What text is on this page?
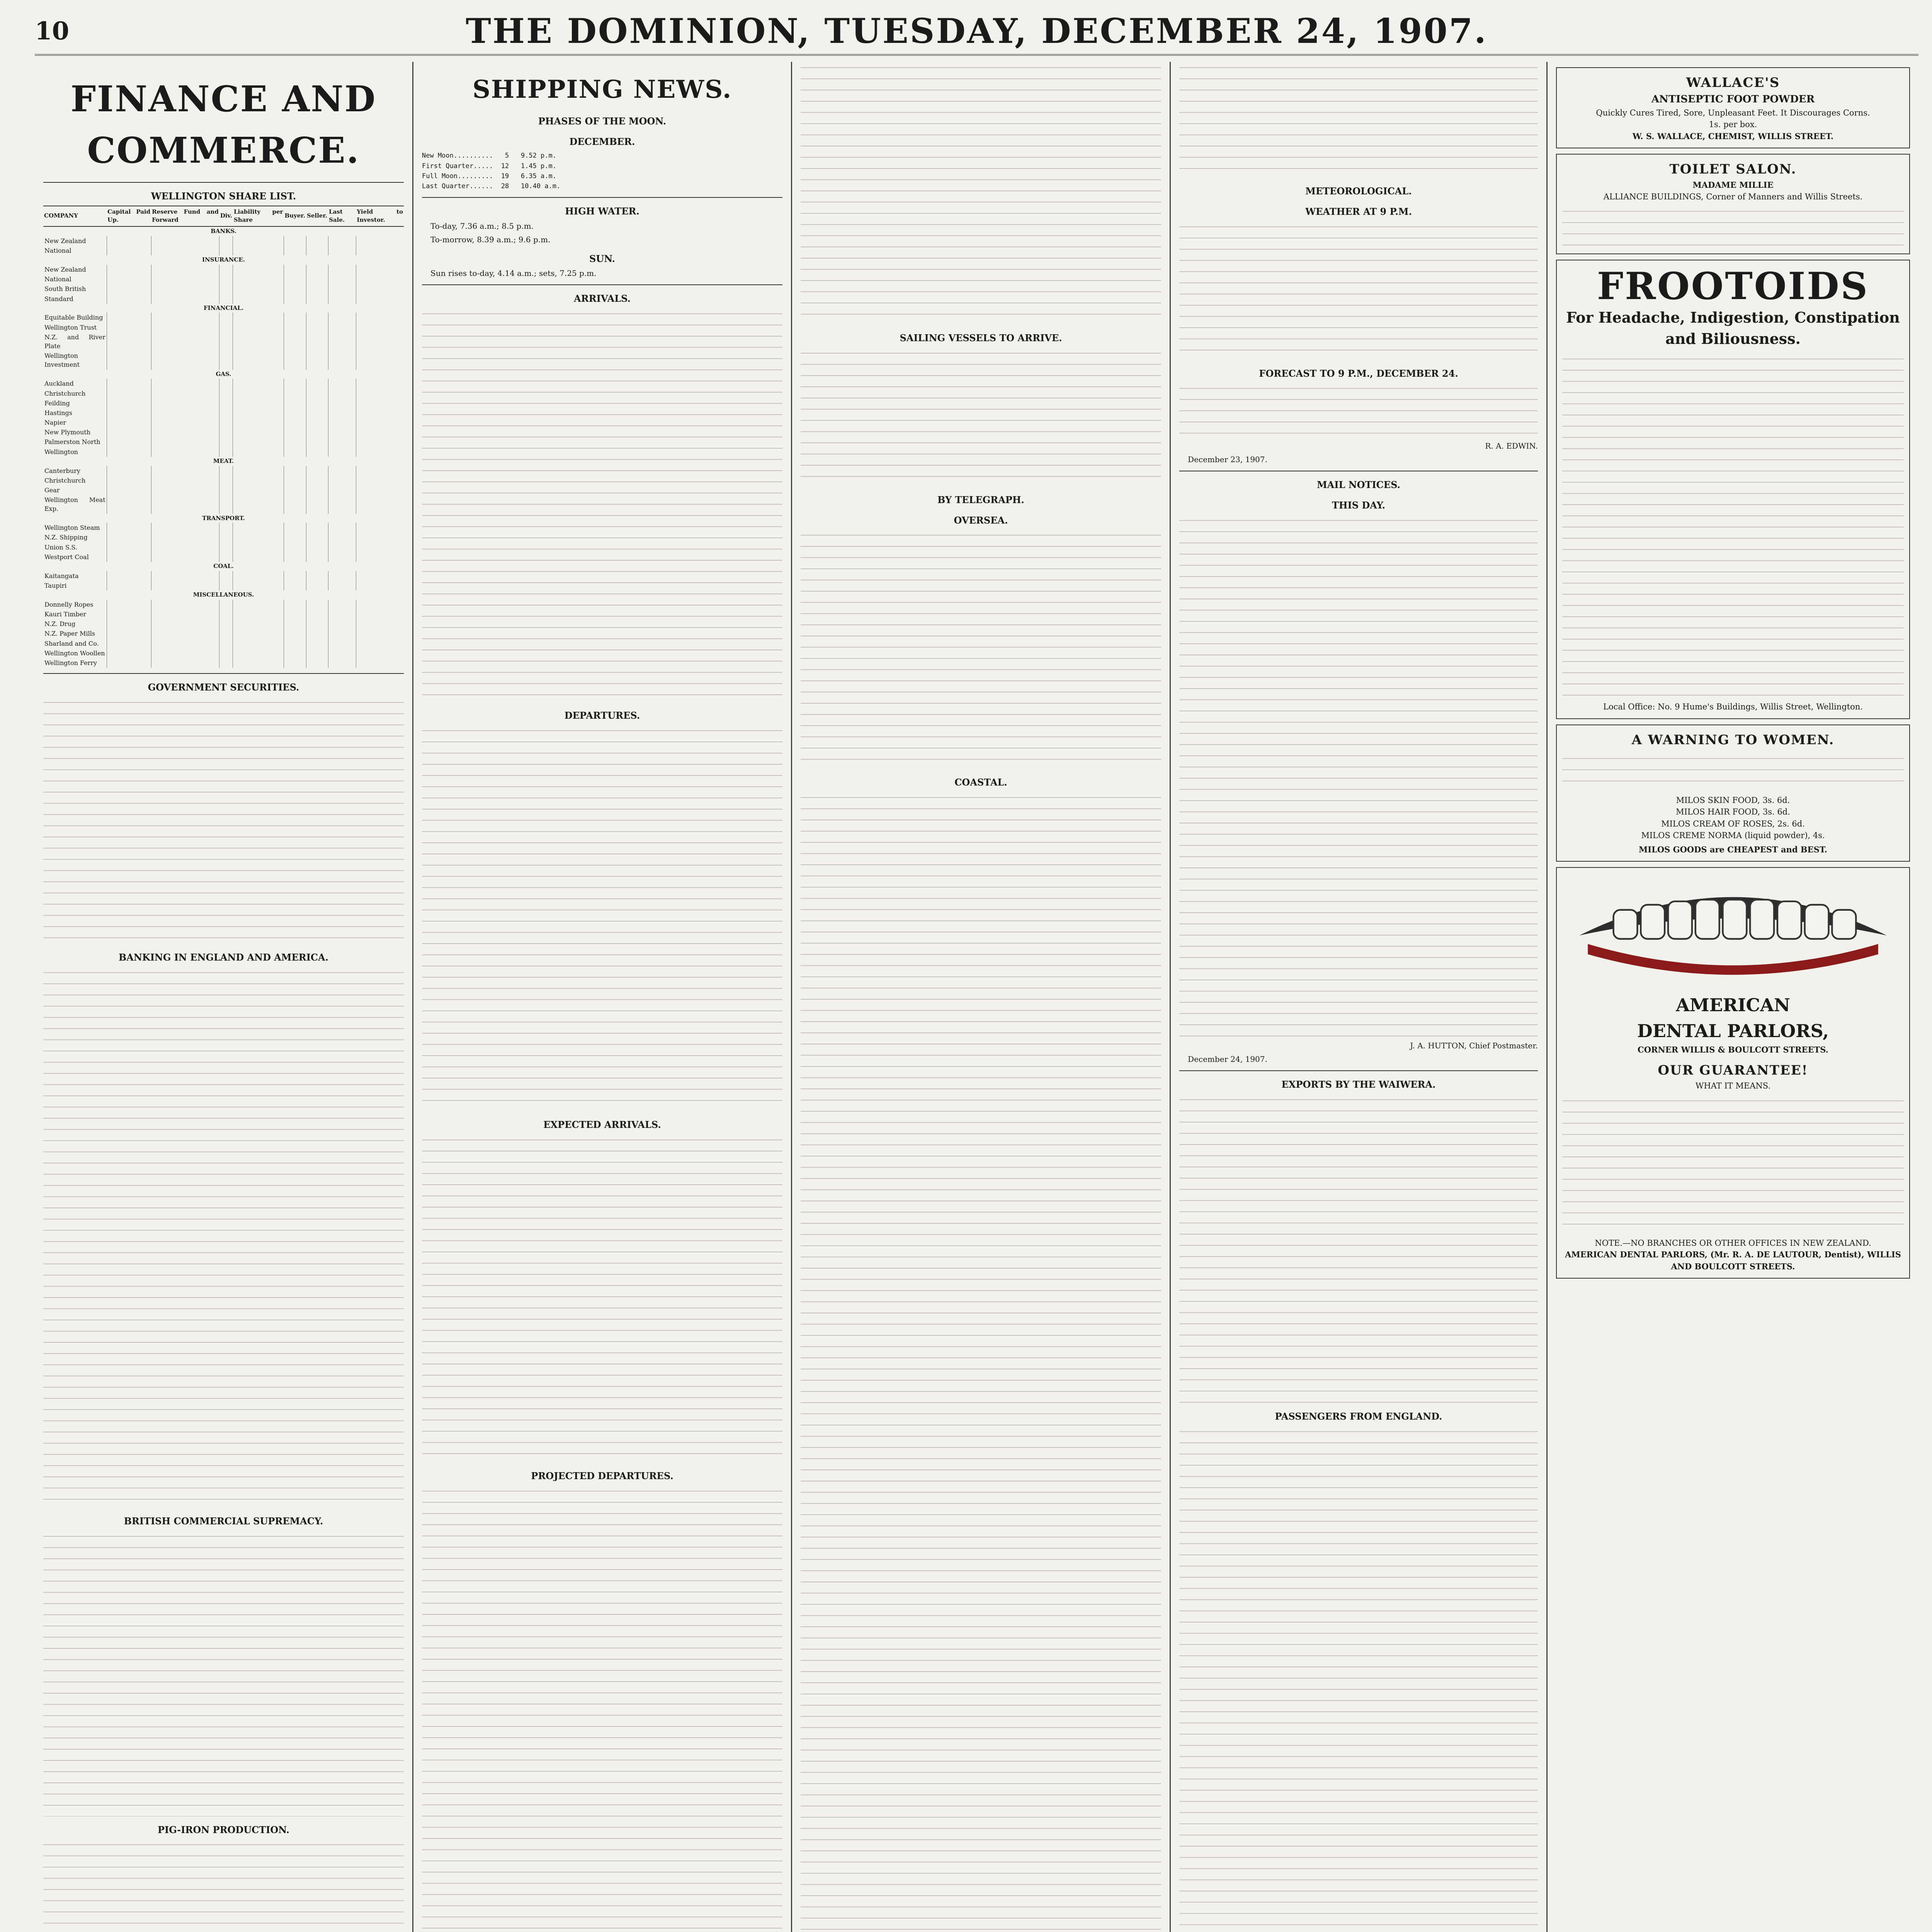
10	THE DOMINION, TUESDAY, DECEMBER 24, 1907.
FINANCE AND COMMERCE.
WELLINGTON SHARE LIST.
COMPANY	Capital Paid Up.	Reserve Fund and Forward	Div.	Liability per Share	Buyer.	Seller.	Last Sale.	Yield to Investor.
BANKS.								
New Zealand								
National								
INSURANCE.								
New Zealand								
National								
South British								
Standard								
FINANCIAL.								
Equitable Building								
Wellington Trust								
N.Z. and River Plate								
Wellington Investment								
GAS.								
Auckland								
Christchurch								
Feilding								
Hastings								
Napier								
New Plymouth								
Palmerston North								
Wellington								
MEAT.								
Canterbury								
Christchurch								
Gear								
Wellington Meat Exp.								
TRANSPORT.								
Wellington Steam								
N.Z. Shipping								
Union S.S.								
Westport Coal								
COAL.								
Kaitangata								
Taupiri								
MISCELLANEOUS.								
Donnelly Ropes								
Kauri Timber								
N.Z. Drug								
N.Z. Paper Mills								
Sharland and Co.								
Wellington Woollen								
Wellington Ferry								
GOVERNMENT SECURITIES.
BANKING IN ENGLAND AND AMERICA.
BRITISH COMMERCIAL SUPREMACY.
PIG-IRON PRODUCTION.
SHIPPING NEWS.
PHASES OF THE MOON.
DECEMBER.
New Moon..........   5   9.52 p.m.
First Quarter.....  12   1.45 p.m.
Full Moon.........  19   6.35 a.m.
Last Quarter......  28   10.40 a.m.
HIGH WATER.

To-day, 7.36 a.m.; 8.5 p.m.

To-morrow, 8.39 a.m.; 9.6 p.m.

SUN.

Sun rises to-day, 4.14 a.m.; sets, 7.25 p.m.

ARRIVALS.
DEPARTURES.
EXPECTED ARRIVALS.
PROJECTED DEPARTURES.
SAILING VESSELS TO ARRIVE.
BY TELEGRAPH.
OVERSEA.
COASTAL.
METEOROLOGICAL.
WEATHER AT 9 P.M.
FORECAST TO 9 P.M., DECEMBER 24.

R. A. EDWIN.

December 23, 1907.

MAIL NOTICES.
THIS DAY.

J. A. HUTTON, Chief Postmaster.

December 24, 1907.

EXPORTS BY THE WAIWERA.
PASSENGERS FROM ENGLAND.
WALLACE'S
ANTISEPTIC FOOT POWDER
Quickly Cures Tired, Sore, Unpleasant Feet. It Discourages Corns.
1s. per box.
W. S. WALLACE, CHEMIST, WILLIS STREET.
TOILET SALON.
MADAME MILLIE
ALLIANCE BUILDINGS, Corner of Manners and Willis Streets.
FROOTOIDS
For Headache, Indigestion, Constipation and Biliousness.
Local Office: No. 9 Hume's Buildings, Willis Street, Wellington.
A WARNING TO WOMEN.
MILOS SKIN FOOD, 3s. 6d.
MILOS HAIR FOOD, 3s. 6d.
MILOS CREAM OF ROSES, 2s. 6d.
MILOS CREME NORMA (liquid powder), 4s.
MILOS GOODS are CHEAPEST and BEST.
AMERICAN
DENTAL PARLORS,
CORNER WILLIS & BOULCOTT STREETS.
OUR GUARANTEE!
WHAT IT MEANS.
NOTE.—NO BRANCHES OR OTHER OFFICES IN NEW ZEALAND.
AMERICAN DENTAL PARLORS, (Mr. R. A. DE LAUTOUR, Dentist), WILLIS AND BOULCOTT STREETS.
